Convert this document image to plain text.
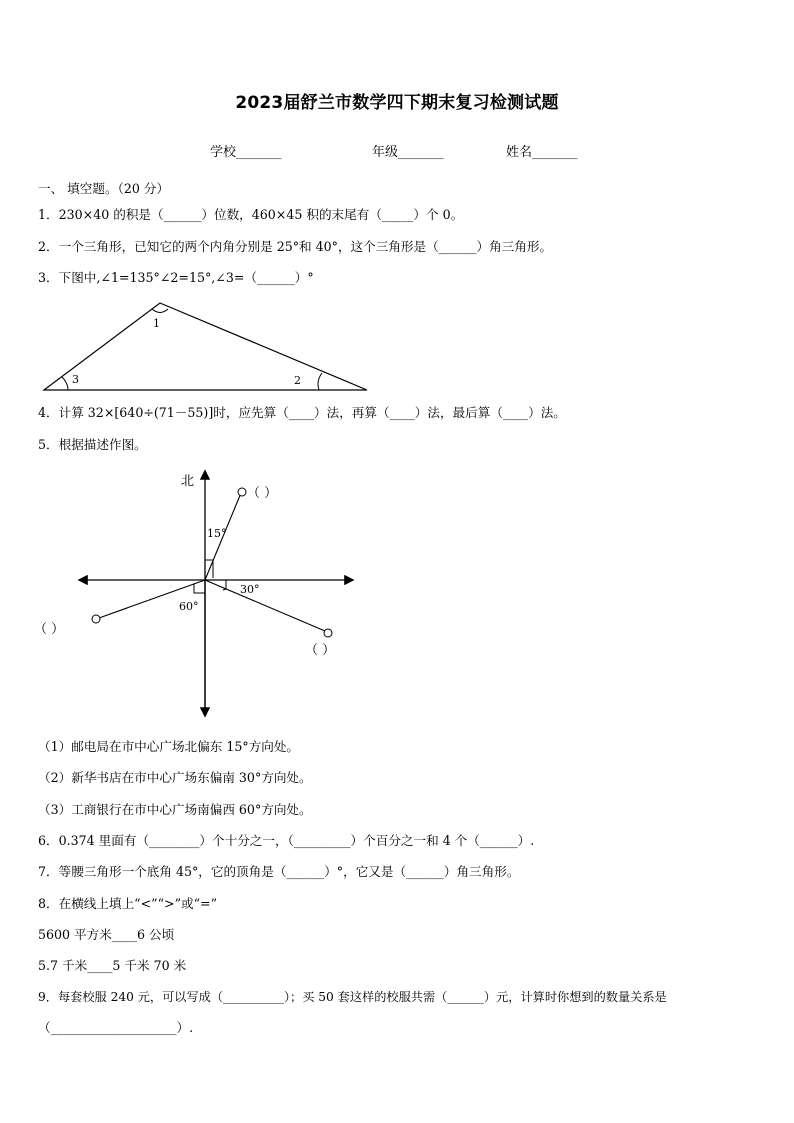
2023届舒兰市数学四下期末复习检测试题
学校_______	年级_______	姓名_______
一、 填空题。（20 分）
1．230×40 的积是（______）位数，460×45 积的末尾有（_____）个 0。
2．一个三角形，已知它的两个内角分别是 25°和 40°，这个三角形是（______）角三角形。
3．下图中,∠1=135°∠2=15°,∠3=（______）°
1
3	2
4．计算 32×[640÷(71－55)]时，应先算（____）法，再算（____）法，最后算（____）法。
5．根据描述作图。
北
15°
30°
60°
（ ）
（ ）
（ ）
（1）邮电局在市中心广场北偏东 15°方向处。
（2）新华书店在市中心广场东偏南 30°方向处。
（3）工商银行在市中心广场南偏西 60°方向处。
6．0.374 里面有（________）个十分之一，（_________）个百分之一和 4 个（______）.
7．等腰三角形一个底角 45°，它的顶角是（______）°，它又是（______）角三角形。
8．在横线上填上“<”“>”或“=”
5600 平方米____6 公顷
5.7 千米____5 千米 70 米
9．每套校服 240 元，可以写成（__________）；买 50 套这样的校服共需（______）元，计算时你想到的数量关系是
（____________________）.
